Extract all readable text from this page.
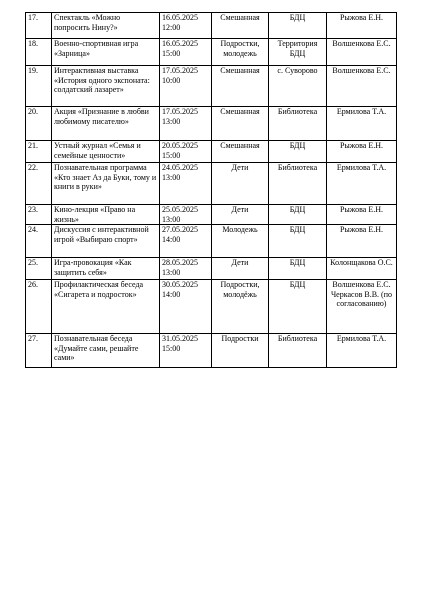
17.	Спектакль «Можно попросить Нину?»	16.05.2025
12:00	Смешанная	БДЦ	Рыжова Е.Н.

18.	Военно-спортивная игра «Зарница»	16.05.2025
15:00	Подростки, молодежь	Территория БДЦ	Волшенкова Е.С.

19.	Интерактивная выставка «История одного экспоната: солдатский лазарет»	17.05.2025
10:00	Смешанная	с. Суворово	Волшенкова Е.С.

20.	Акция «Признание в любви любимому писателю»	17.05.2025
13:00	Смешанная	Библиотека	Ермилова Т.А.

21.	Устный журнал «Семья и семейные ценности»	20.05.2025
15:00	Смешанная	БДЦ	Рыжова Е.Н.

22.	Познавательная программа «Кто знает Аз да Буки, тому и книги в руки»	24.05.2025
13:00	Дети	Библиотека	Ермилова Т.А.

23.	Кино-лекция «Право на жизнь»	25.05.2025
13:00	Дети	БДЦ	Рыжова Е.Н.

24.	Дискуссия с интерактивной игрой «Выбираю спорт»	27.05.2025
14:00	Молодежь	БДЦ	Рыжова Е.Н.

25.	Игра-провокация «Как защитить себя»	28.05.2025
13:00	Дети	БДЦ	Колонщакова О.С.

26.	Профилактическая беседа «Сигарета и подросток»	30.05.2025
14:00	Подростки, молодёжь	БДЦ	Волшенкова Е.С.
Черкасов В.В. (по согласованию)

27.	Познавательная беседа «Думайте сами, решайте сами»	31.05.2025
15:00	Подростки	Библиотека	Ермилова Т.А.
